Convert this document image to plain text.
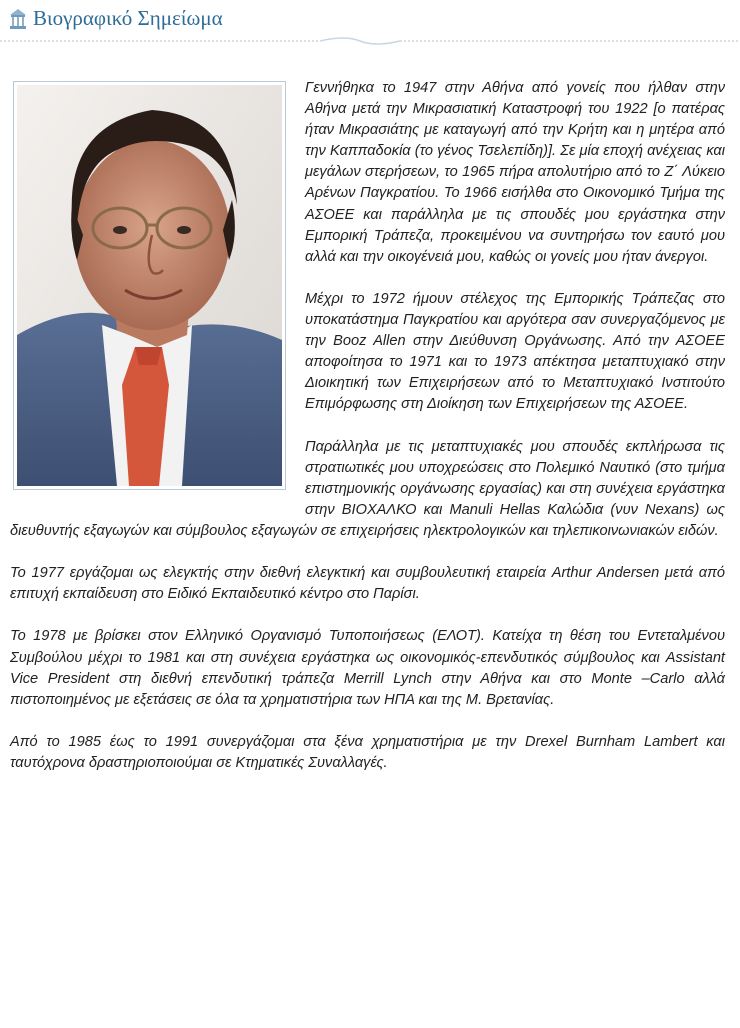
Βιογραφικό Σημείωμα

Γεννήθηκα το 1947 στην Αθήνα από γονείς που ήλθαν στην Αθήνα μετά την Μικρασιατική Καταστροφή του 1922 [ο πατέρας ήταν Μικρασιάτης με καταγωγή από την Κρήτη και η μητέρα από την Καππαδοκία (το γένος Τσελεπίδη)]. Σε μία εποχή ανέχειας και μεγάλων στερήσεων, το 1965 πήρα απολυτήριο από το Ζ΄ Λύκειο Αρένων Παγκρατίου. Το 1966 εισήλθα στο Οικονομικό Τμήμα της ΑΣΟΕΕ και παράλληλα με τις σπουδές μου εργάστηκα στην Εμπορική Τράπεζα, προκειμένου να συντηρήσω τον εαυτό μου αλλά και την οικογένειά μου, καθώς οι γονείς μου ήταν άνεργοι.

Μέχρι το 1972 ήμουν στέλεχος της Εμπορικής Τράπεζας στο υποκατάστημα Παγκρατίου και αργότερα σαν συνεργαζόμενος με την Booz Allen στην Διεύθυνση Οργάνωσης. Από την ΑΣΟΕΕ αποφοίτησα το 1971 και το 1973 απέκτησα μεταπτυχιακό στην Διοικητική των Επιχειρήσεων από το Μεταπτυχιακό Ινστιτούτο Επιμόρφωσης στη Διοίκηση των Επιχειρήσεων της ΑΣΟΕΕ.

Παράλληλα με τις μεταπτυχιακές μου σπουδές εκπλήρωσα τις στρατιωτικές μου υποχρεώσεις στο Πολεμικό Ναυτικό (στο τμήμα επιστημονικής οργάνωσης εργασίας) και στη συνέχεια εργάστηκα στην ΒΙΟΧΑΛΚΟ και Manuli Hellas Καλώδια (νυν Nexans) ως διευθυντής εξαγωγών και σύμβουλος εξαγωγών σε επιχειρήσεις ηλεκτρολογικών και τηλεπικοινωνιακών ειδών.

Το 1977 εργάζομαι ως ελεγκτής στην διεθνή ελεγκτική και συμβουλευτική εταιρεία Arthur Andersen μετά από επιτυχή εκπαίδευση στο Ειδικό Εκπαιδευτικό κέντρο στο Παρίσι.

Το 1978 με βρίσκει στον Ελληνικό Οργανισμό Τυποποιήσεως (ΕΛΟΤ). Κατείχα τη θέση του Εντεταλμένου Συμβούλου μέχρι το 1981 και στη συνέχεια εργάστηκα ως οικονομικός-επενδυτικός σύμβουλος και Assistant Vice President στη διεθνή επενδυτική τράπεζα Merrill Lynch στην Αθήνα και στο Monte –Carlo αλλά πιστοποιημένος με εξετάσεις σε όλα τα χρηματιστήρια των ΗΠΑ και της Μ. Βρετανίας.

Από το 1985 έως το 1991 συνεργάζομαι στα ξένα χρηματιστήρια με την Drexel Burnham Lambert και ταυτόχρονα δραστηριοποιούμαι σε Κτηματικές Συναλλαγές.
